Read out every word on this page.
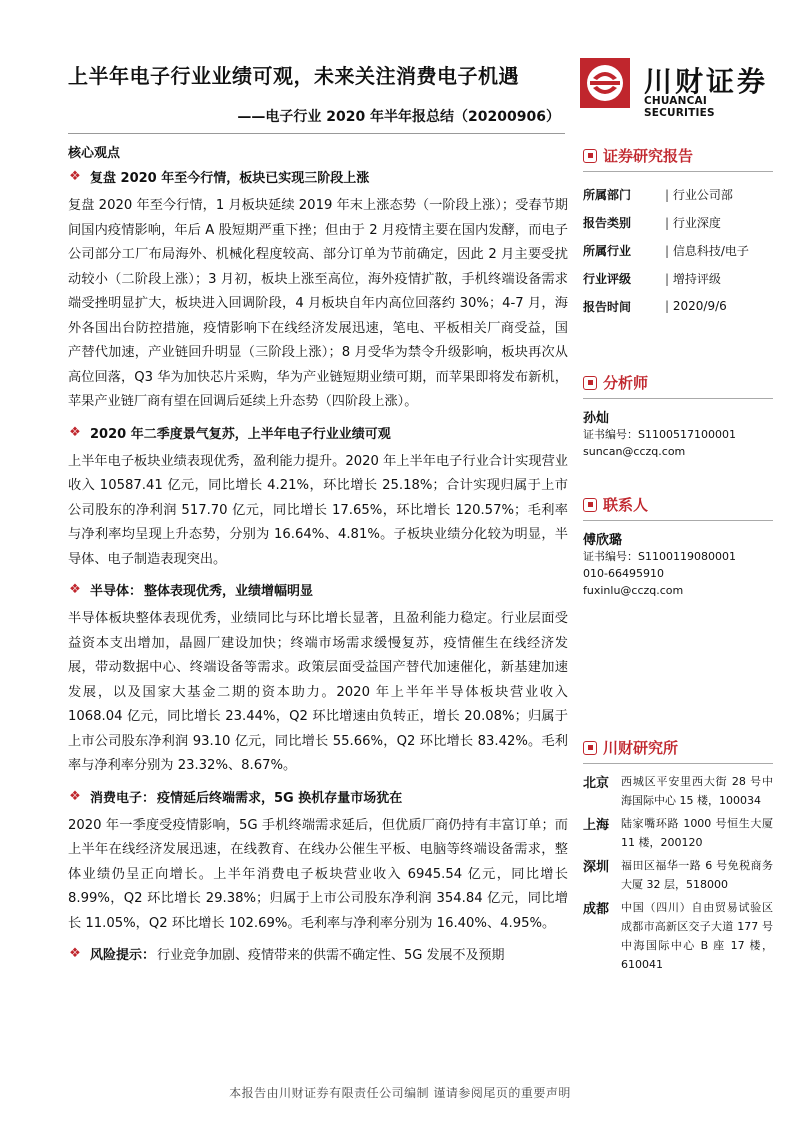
上半年电子行业业绩可观，未来关注消费电子机遇
——电子行业 2020 年半年报总结（20200906）
川财证券
CHUANCAI SECURITIES
核心观点
❖ 复盘 2020 年至今行情，板块已实现三阶段上涨
复盘 2020 年至今行情，1 月板块延续 2019 年末上涨态势（一阶段上涨）；受春节期间国内疫情影响，年后 A 股短期严重下挫；但由于 2 月疫情主要在国内发酵，而电子公司部分工厂布局海外、机械化程度较高、部分订单为节前确定，因此 2 月主要受扰动较小（二阶段上涨）；3 月初，板块上涨至高位，海外疫情扩散，手机终端设备需求端受挫明显扩大，板块进入回调阶段，4 月板块自年内高位回落约 30%；4-7 月，海外各国出台防控措施，疫情影响下在线经济发展迅速，笔电、平板相关厂商受益，国产替代加速，产业链回升明显（三阶段上涨）；8 月受华为禁令升级影响，板块再次从高位回落，Q3 华为加快芯片采购，华为产业链短期业绩可期，而苹果即将发布新机，苹果产业链厂商有望在回调后延续上升态势（四阶段上涨）。
❖ 2020 年二季度景气复苏，上半年电子行业业绩可观
上半年电子板块业绩表现优秀，盈利能力提升。2020 年上半年电子行业合计实现营业收入 10587.41 亿元，同比增长 4.21%，环比增长 25.18%；合计实现归属于上市公司股东的净利润 517.70 亿元，同比增长 17.65%，环比增长 120.57%；毛利率与净利率均呈现上升态势，分别为 16.64%、4.81%。子板块业绩分化较为明显，半导体、电子制造表现突出。
❖ 半导体： 整体表现优秀，业绩增幅明显
半导体板块整体表现优秀，业绩同比与环比增长显著，且盈利能力稳定。行业层面受益资本支出增加，晶圆厂建设加快；终端市场需求缓慢复苏，疫情催生在线经济发展，带动数据中心、终端设备等需求。政策层面受益国产替代加速催化，新基建加速发展，以及国家大基金二期的资本助力。2020 年上半年半导体板块营业收入 1068.04 亿元，同比增长 23.44%，Q2 环比增速由负转正，增长 20.08%；归属于上市公司股东净利润 93.10 亿元，同比增长 55.66%，Q2 环比增长 83.42%。毛利率与净利率分别为 23.32%、8.67%。
❖ 消费电子： 疫情延后终端需求，5G 换机存量市场犹在
2020 年一季度受疫情影响，5G 手机终端需求延后，但优质厂商仍持有丰富订单；而上半年在线经济发展迅速，在线教育、在线办公催生平板、电脑等终端设备需求，整体业绩仍呈正向增长。上半年消费电子板块营业收入 6945.54 亿元，同比增长 8.99%，Q2 环比增长 29.38%；归属于上市公司股东净利润 354.84 亿元，同比增长 11.05%，Q2 环比增长 102.69%。毛利率与净利率分别为 16.40%、4.95%。
❖ 风险提示： 行业竞争加剧、疫情带来的供需不确定性、5G 发展不及预期
证券研究报告
所属部门	| 行业公司部
报告类别	| 行业深度
所属行业	| 信息科技/电子
行业评级	| 增持评级
报告时间	| 2020/9/6
分析师
孙灿
证书编号：S1100517100001
suncan@cczq.com
联系人
傅欣璐
证书编号：S1100119080001
010-66495910
fuxinlu@cczq.com
川财研究所
北京	西城区平安里西大街 28 号中海国际中心 15 楼，100034
上海	陆家嘴环路 1000 号恒生大厦 11 楼，200120
深圳	福田区福华一路 6 号免税商务大厦 32 层，518000
成都	中国（四川）自由贸易试验区成都市高新区交子大道 177 号中海国际中心 B 座 17 楼，610041
本报告由川财证券有限责任公司编制 谨请参阅尾页的重要声明
